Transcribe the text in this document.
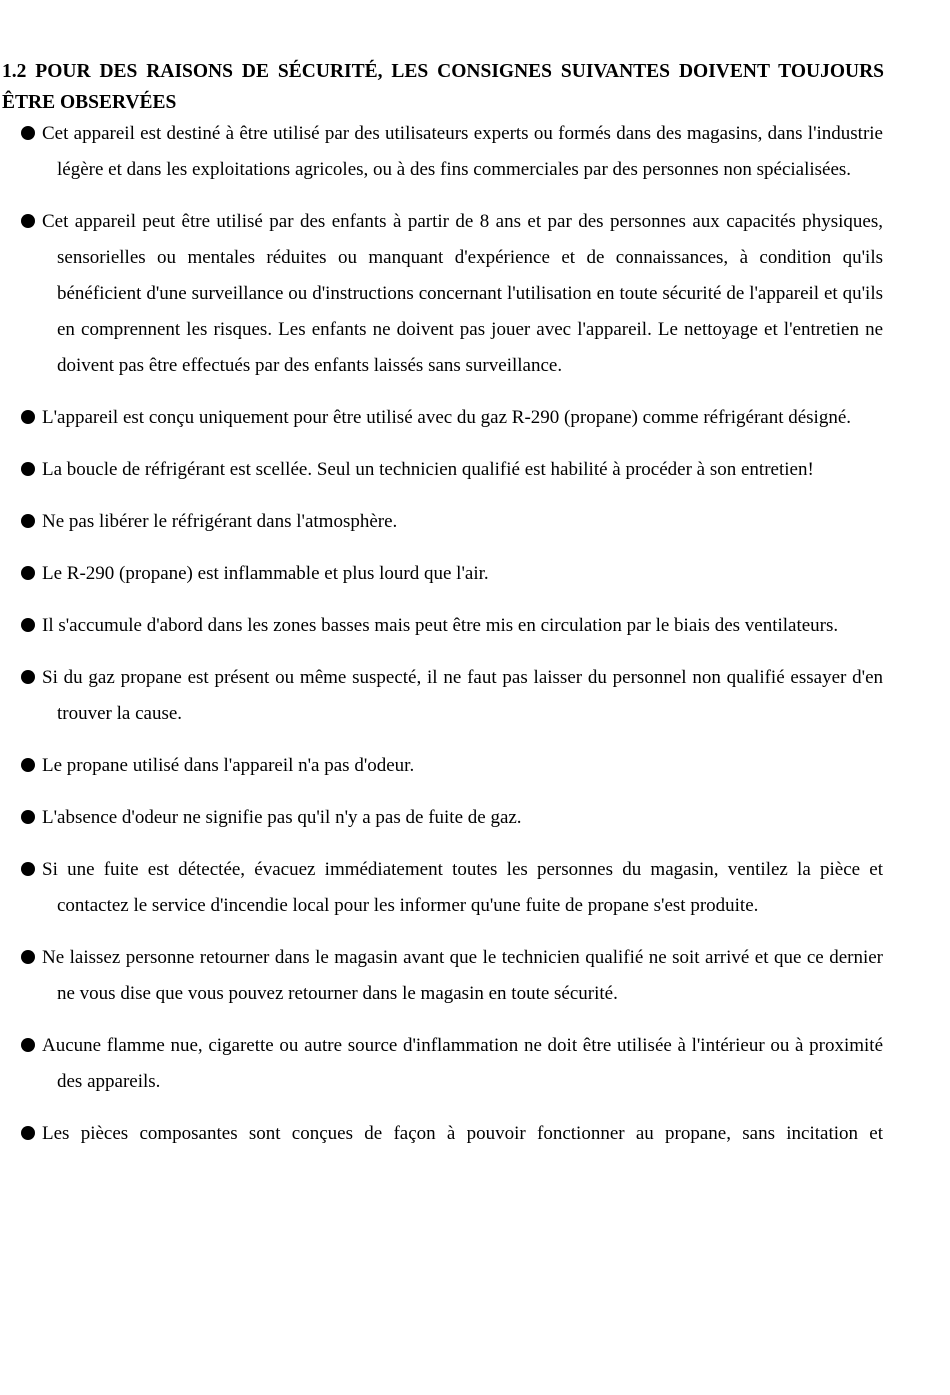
1.2 POUR DES RAISONS DE SÉCURITÉ, LES CONSIGNES SUIVANTES DOIVENT TOUJOURS ÊTRE OBSERVÉES
Cet appareil est destiné à être utilisé par des utilisateurs experts ou formés dans des magasins, dans l'industrie légère et dans les exploitations agricoles, ou à des fins commerciales par des personnes non spécialisées.
Cet appareil peut être utilisé par des enfants à partir de 8 ans et par des personnes aux capacités physiques, sensorielles ou mentales réduites ou manquant d'expérience et de connaissances, à condition qu'ils bénéficient d'une surveillance ou d'instructions concernant l'utilisation en toute sécurité de l'appareil et qu'ils en comprennent les risques. Les enfants ne doivent pas jouer avec l'appareil. Le nettoyage et l'entretien ne doivent pas être effectués par des enfants laissés sans surveillance.
L'appareil est conçu uniquement pour être utilisé avec du gaz R-290 (propane) comme réfrigérant désigné.
La boucle de réfrigérant est scellée. Seul un technicien qualifié est habilité à procéder à son entretien!
Ne pas libérer le réfrigérant dans l'atmosphère.
Le R-290 (propane) est inflammable et plus lourd que l'air.
Il s'accumule d'abord dans les zones basses mais peut être mis en circulation par le biais des ventilateurs.
Si du gaz propane est présent ou même suspecté, il ne faut pas laisser du personnel non qualifié essayer d'en trouver la cause.
Le propane utilisé dans l'appareil n'a pas d'odeur.
L'absence d'odeur ne signifie pas qu'il n'y a pas de fuite de gaz.
Si une fuite est détectée, évacuez immédiatement toutes les personnes du magasin, ventilez la pièce et contactez le service d'incendie local pour les informer qu'une fuite de propane s'est produite.
Ne laissez personne retourner dans le magasin avant que le technicien qualifié ne soit arrivé et que ce dernier ne vous dise que vous pouvez retourner dans le magasin en toute sécurité.
Aucune flamme nue, cigarette ou autre source d'inflammation ne doit être utilisée à l'intérieur ou à proximité des appareils.
Les pièces composantes sont conçues de façon à pouvoir fonctionner au propane, sans incitation et
